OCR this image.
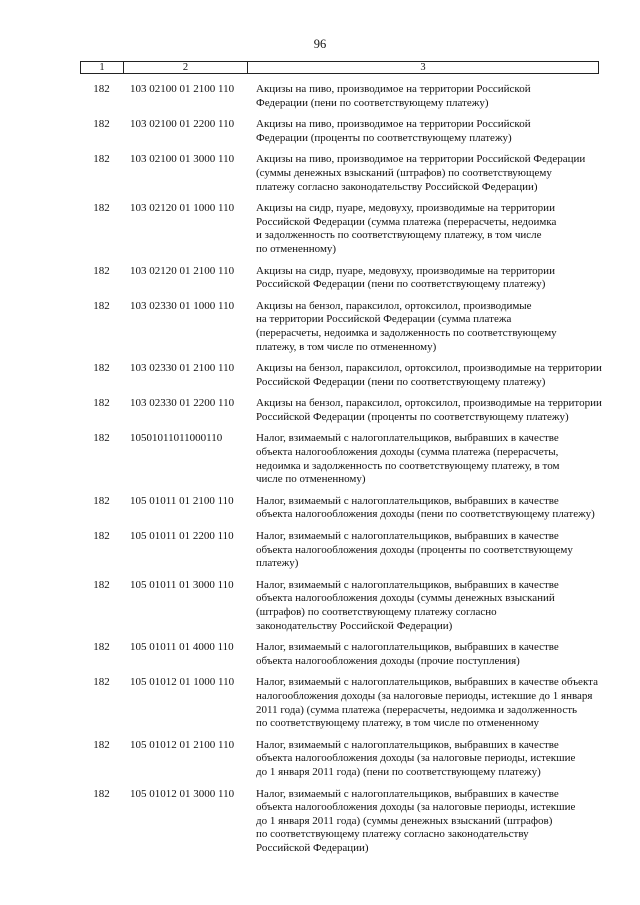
96
1	2	3
182	103 02100 01 2100 110	Акцизы на пиво, производимое на территории Российской
Федерации (пени по соответствующему платежу)
182	103 02100 01 2200 110	Акцизы на пиво, производимое на территории Российской
Федерации (проценты по соответствующему платежу)
182	103 02100 01 3000 110	Акцизы на пиво, производимое на территории Российской Федерации
(суммы денежных взысканий (штрафов) по соответствующему
платежу согласно законодательству Российской Федерации)
182	103 02120 01 1000 110	Акцизы на сидр, пуаре, медовуху, производимые на территории
Российской Федерации (сумма платежа (перерасчеты, недоимка
и задолженность по соответствующему платежу, в том числе
по отмененному)
182	103 02120 01 2100 110	Акцизы на сидр, пуаре, медовуху, производимые на территории
Российской Федерации (пени по соответствующему платежу)
182	103 02330 01 1000 110	Акцизы на бензол, параксилол, ортоксилол, производимые
на территории Российской Федерации (сумма платежа
(перерасчеты, недоимка и задолженность по соответствующему
платежу, в том числе по отмененному)
182	103 02330 01 2100 110	Акцизы на бензол, параксилол, ортоксилол, производимые на территории
Российской Федерации (пени по соответствующему платежу)
182	103 02330 01 2200 110	Акцизы на бензол, параксилол, ортоксилол, производимые на территории
Российской Федерации (проценты по соответствующему платежу)
182	10501011011000110	Налог, взимаемый с налогоплательщиков, выбравших в качестве
объекта налогообложения доходы (сумма платежа (перерасчеты,
недоимка и задолженность по соответствующему платежу, в том
числе по отмененному)
182	105 01011 01 2100 110	Налог, взимаемый с налогоплательщиков, выбравших в качестве
объекта налогообложения доходы (пени по соответствующему платежу)
182	105 01011 01 2200 110	Налог, взимаемый с налогоплательщиков, выбравших в качестве
объекта налогообложения доходы (проценты по соответствующему
платежу)
182	105 01011 01 3000 110	Налог, взимаемый с налогоплательщиков, выбравших в качестве
объекта налогообложения доходы (суммы денежных взысканий
(штрафов) по соответствующему платежу согласно
законодательству Российской Федерации)
182	105 01011 01 4000 110	Налог, взимаемый с налогоплательщиков, выбравших в качестве
объекта налогообложения доходы (прочие поступления)
182	105 01012 01 1000 110	Налог, взимаемый с налогоплательщиков, выбравших в качестве объекта
налогообложения доходы (за налоговые периоды, истекшие до 1 января
2011 года) (сумма платежа (перерасчеты, недоимка и задолженность
по соответствующему платежу, в том числе по отмененному
182	105 01012 01 2100 110	Налог, взимаемый с налогоплательщиков, выбравших в качестве
объекта налогообложения доходы (за налоговые периоды, истекшие
до 1 января 2011 года) (пени по соответствующему платежу)
182	105 01012 01 3000 110	Налог, взимаемый с налогоплательщиков, выбравших в качестве
объекта налогообложения доходы (за налоговые периоды, истекшие
до 1 января 2011 года) (суммы денежных взысканий (штрафов)
по соответствующему платежу согласно законодательству
Российской Федерации)
